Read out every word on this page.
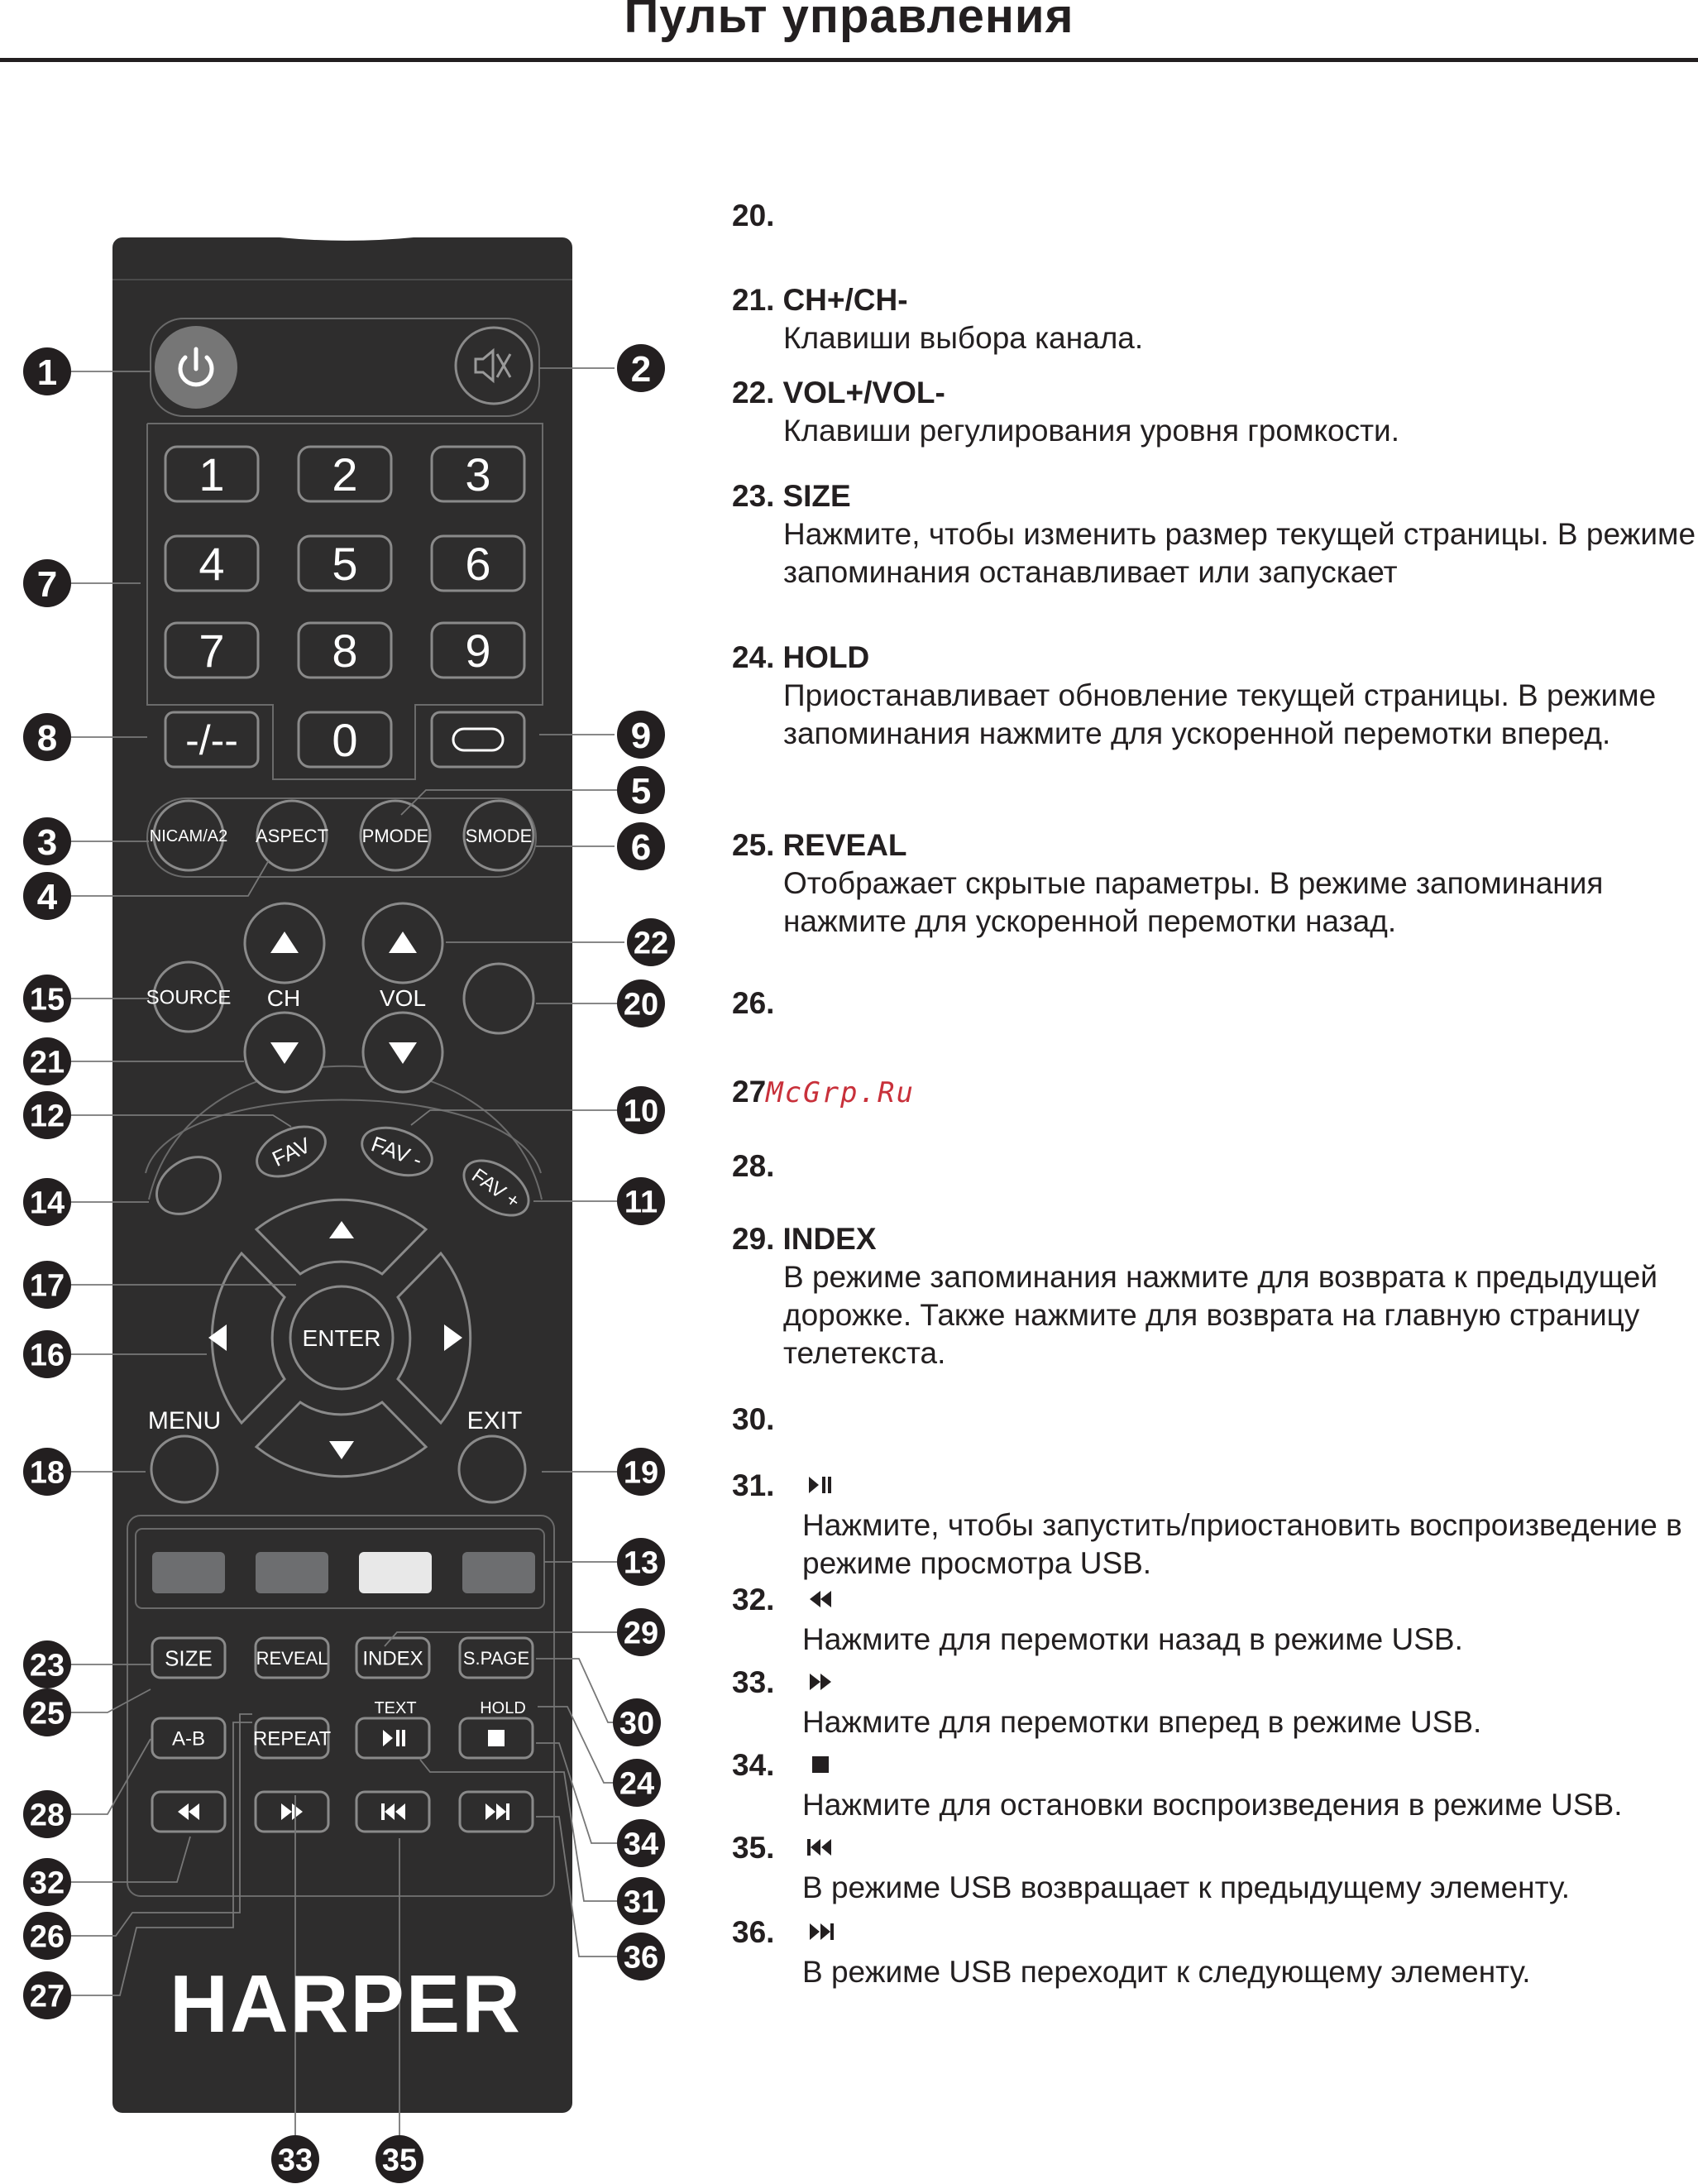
Пульт управления
1 2 3
4 5 6
7 8 9
0
-/--
NICAM/A2 ASPECT PMODE SMODE
SOURCE CH	VOL
FAV	FAV -
FAV +
ENTER
MENU	EXIT
SIZE REVEAL INDEX S.PAGE
A-B REPEAT
TEXT	HOLD
HARPER
1	2
3
4
5
6
7
8	9
10
11
12
13
14
15
16
17
18	19
20
21
22
23
24
25
26
27
28
29
30
31
32
33
34
35
36
20.
21. CH+/CH-
Клавиши выбора канала.
22. VOL+/VOL-
Клавиши регулирования уровня громкости.
23. SIZE
Нажмите, чтобы изменить размер текущей страницы. В режиме запоминания останавливает или запускает
24. HOLD
Приостанавливает обновление текущей страницы. В режиме запоминания нажмите для ускоренной перемотки вперед.
25. REVEAL
Отображает скрытые параметры. В режиме запоминания нажмите для ускоренной перемотки назад.
26.
27McGrp.Ru
28.
29. INDEX
В режиме запоминания нажмите для возврата к предыдущей дорожке. Также нажмите для возврата на главную страницу телетекста.
30.
31.
Нажмите, чтобы запустить/приостановить воспроизведение в режиме просмотра USB.
32.
Нажмите для перемотки назад в режиме USB.
33.
Нажмите для перемотки вперед в режиме USB.
34.
Нажмите для остановки воспроизведения в режиме USB.
35.
В режиме USB возвращает к предыдущему элементу.
36.
В режиме USB переходит к следующему элементу.
